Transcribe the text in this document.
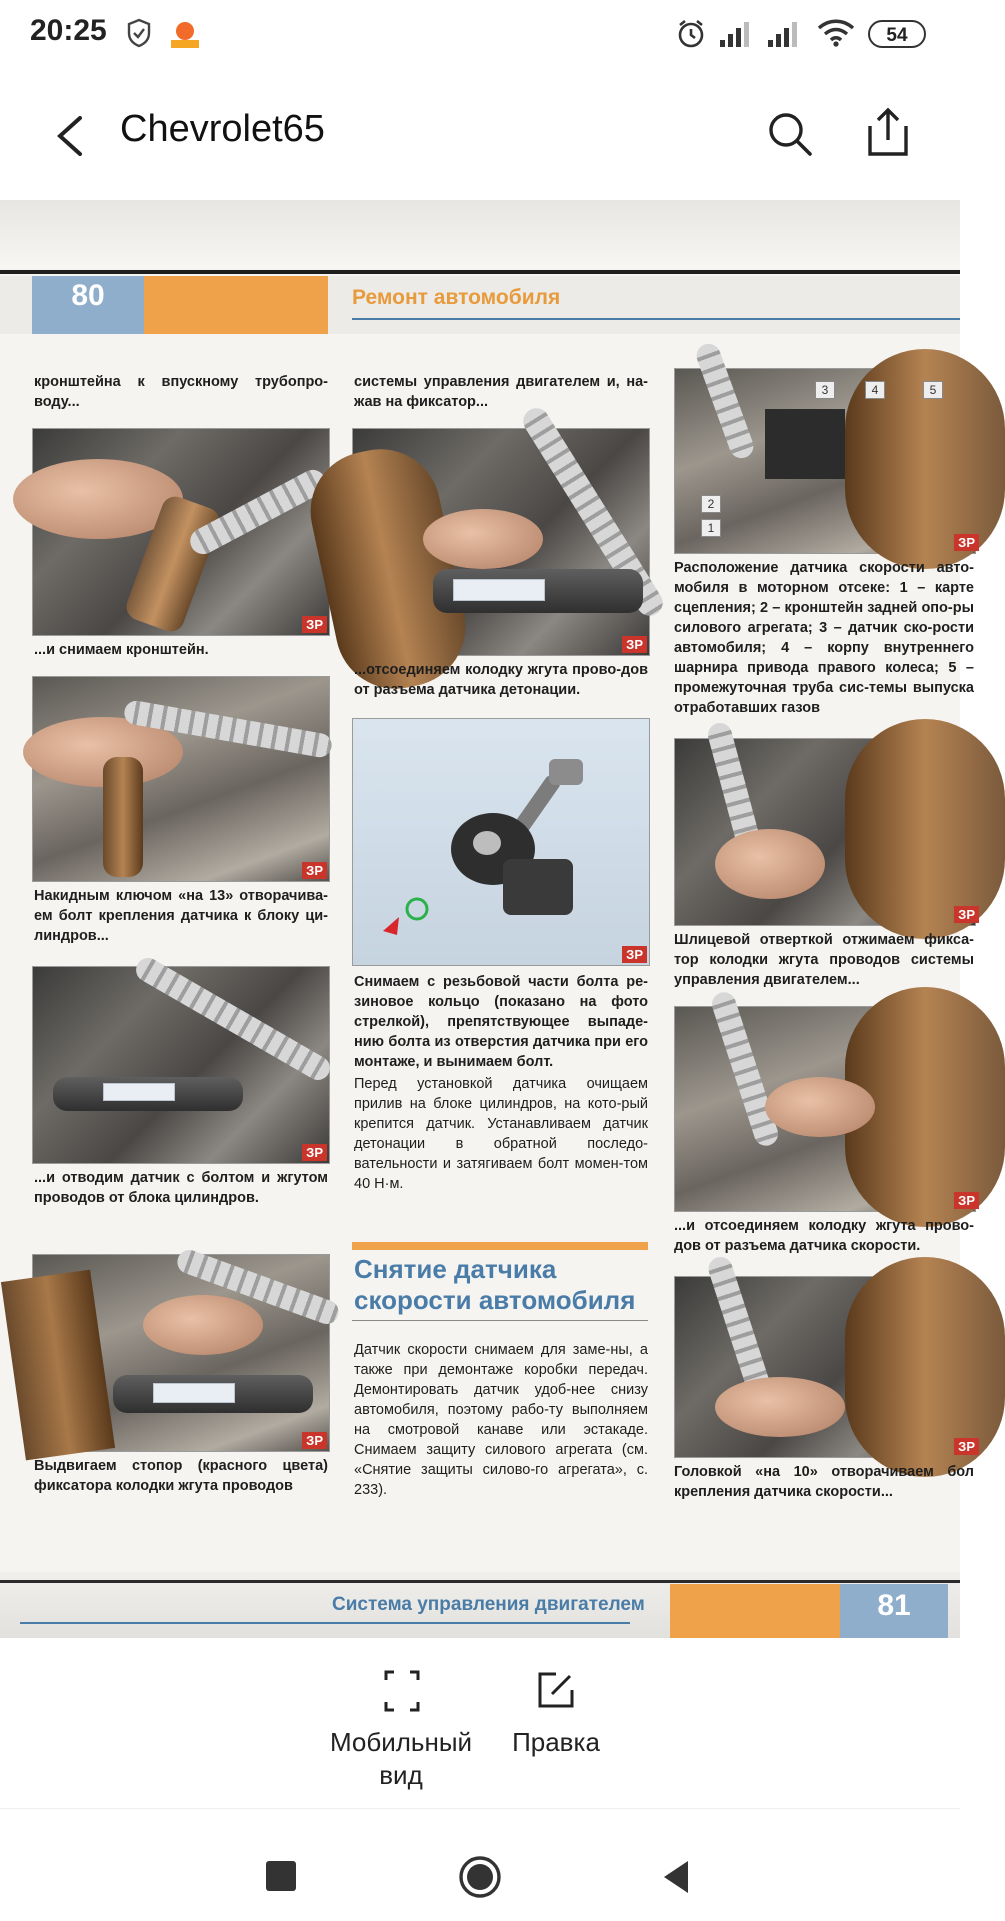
20:25	54
Chevrolet65
80	Ремонт автомобиля
кронштейна к впускному трубопро-воду...
ЗР
...и снимаем кронштейн.
ЗР
Накидным ключом «на 13» отворачива-ем болт крепления датчика к блоку ци-линдров...
ЗР
...и отводим датчик с болтом и жгутом проводов от блока цилиндров.
ЗР
Выдвигаем стопор (красного цвета) фиксатора колодки жгута проводов
системы управления двигателем и, на-жав на фиксатор...
ЗР
...отсоединяем колодку жгута прово-дов от разъема датчика детонации.
ЗР
Снимаем с резьбовой части болта ре-зиновое кольцо (показано на фото стрелкой), препятствующее выпаде-нию болта из отверстия датчика при его монтаже, и вынимаем болт.
Перед установкой датчика очищаем прилив на блоке цилиндров, на кото-рый крепится датчик. Устанавливаем датчик детонации в обратной последо-вательности и затягиваем болт момен-том 40 Н·м.
Снятие датчика
скорости автомобиля
Датчик скорости снимаем для заме-ны, а также при демонтаже коробки передач. Демонтировать датчик удоб-нее снизу автомобиля, поэтому рабо-ту выполняем на смотровой канаве или эстакаде. Снимаем защиту силового агрегата (см. «Снятие защиты силово-го агрегата», с. 233).
3	4	5
2
1
ЗР
Расположение датчика скорости авто-мобиля в моторном отсеке: 1 – карте сцепления; 2 – кронштейн задней опо-ры силового агрегата; 3 – датчик ско-рости автомобиля; 4 – корпу внутреннего шарнира привода правого колеса; 5 – промежуточная труба сис-темы выпуска отработавших газов
ЗР
Шлицевой отверткой отжимаем фикса-тор колодки жгута проводов системы управления двигателем...
ЗР
...и отсоединяем колодку жгута прово-дов от разъема датчика скорости.
ЗР
Головкой «на 10» отворачиваем бол крепления датчика скорости...
Система управления двигателем	81
Мобильный
вид
Правка
